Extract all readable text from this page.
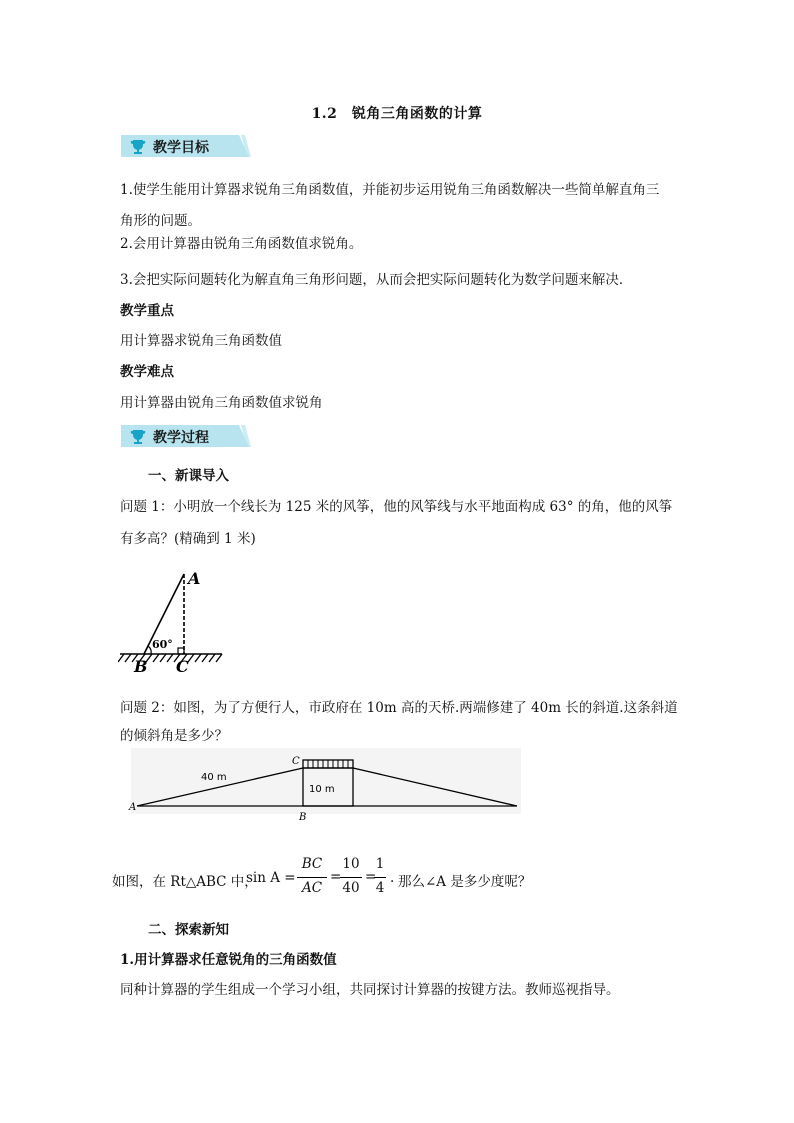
1.2　锐角三角函数的计算
教学目标
1.使学生能用计算器求锐角三角函数值，并能初步运用锐角三角函数解决一些简单解直角三
角形的问题。
2.会用计算器由锐角三角函数值求锐角。
3.会把实际问题转化为解直角三角形问题，从而会把实际问题转化为数学问题来解决．
教学重点
用计算器求锐角三角函数值
教学难点
用计算器由锐角三角函数值求锐角
教学过程
一、新课导入
问题 1：小明放一个线长为 125 米的风筝，他的风筝线与水平地面构成 63° 的角，他的风筝
有多高？(精确到 1 米)
A
B C
60°
问题 2：如图，为了方便行人，市政府在 10m 高的天桥.两端修建了 40m 长的斜道.这条斜道
的倾斜角是多少？
A
B
C
40 m
10 m
如图，在 Rt△ABC 中，
sin A =
BC
AC
=
10
40
=
1
4
. 那么∠A 是多少度呢？
二、探索新知
1.用计算器求任意锐角的三角函数值
同种计算器的学生组成一个学习小组，共同探讨计算器的按键方法。教师巡视指导。
